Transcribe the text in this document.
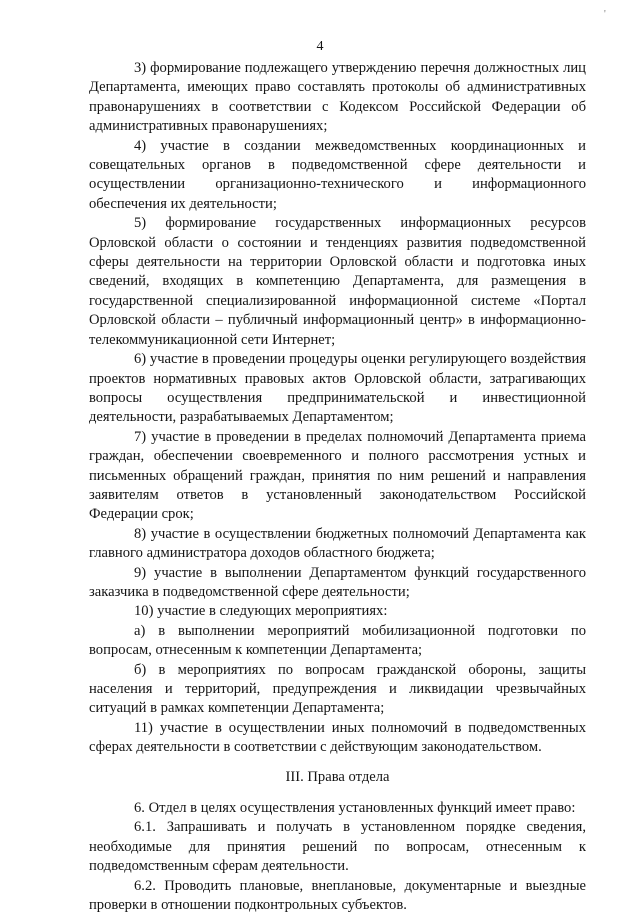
'
4

3) формирование подлежащего утверждению перечня должностных лиц Департамента, имеющих право составлять протоколы об административных правонарушениях в соответствии с Кодексом Российской Федерации об административных правонарушениях;

4) участие в создании межведомственных координационных и совещательных органов в подведомственной сфере деятельности и осуществлении организационно-технического и информационного обеспечения их деятельности;

5) формирование государственных информационных ресурсов Орловской области о состоянии и тенденциях развития подведомственной сферы деятельности на территории Орловской области и подготовка иных сведений, входящих в компетенцию Департамента, для размещения в государственной специализированной информационной системе «Портал Орловской области – публичный информационный центр» в информационно-телекоммуникационной сети Интернет;

6) участие в проведении процедуры оценки регулирующего воздействия проектов нормативных правовых актов Орловской области, затрагивающих вопросы осуществления предпринимательской и инвестиционной деятельности, разрабатываемых Департаментом;

7) участие в проведении в пределах полномочий Департамента приема граждан, обеспечении своевременного и полного рассмотрения устных и письменных обращений граждан, принятия по ним решений и направления заявителям ответов в установленный законодательством Российской Федерации срок;

8) участие в осуществлении бюджетных полномочий Департамента как главного администратора доходов областного бюджета;

9) участие в выполнении Департаментом функций государственного заказчика в подведомственной сфере деятельности;

10) участие в следующих мероприятиях:

а) в выполнении мероприятий мобилизационной подготовки по вопросам, отнесенным к компетенции Департамента;

б) в мероприятиях по вопросам гражданской обороны, защиты населения и территорий, предупреждения и ликвидации чрезвычайных ситуаций в рамках компетенции Департамента;

11) участие в осуществлении иных полномочий в подведомственных сферах деятельности в соответствии с действующим законодательством.

III. Права отдела

6. Отдел в целях осуществления установленных функций имеет право:

6.1. Запрашивать и получать в установленном порядке сведения, необходимые для принятия решений по вопросам, отнесенным к подведомственным сферам деятельности.

6.2. Проводить плановые, внеплановые, документарные и выездные проверки в отношении подконтрольных субъектов.
